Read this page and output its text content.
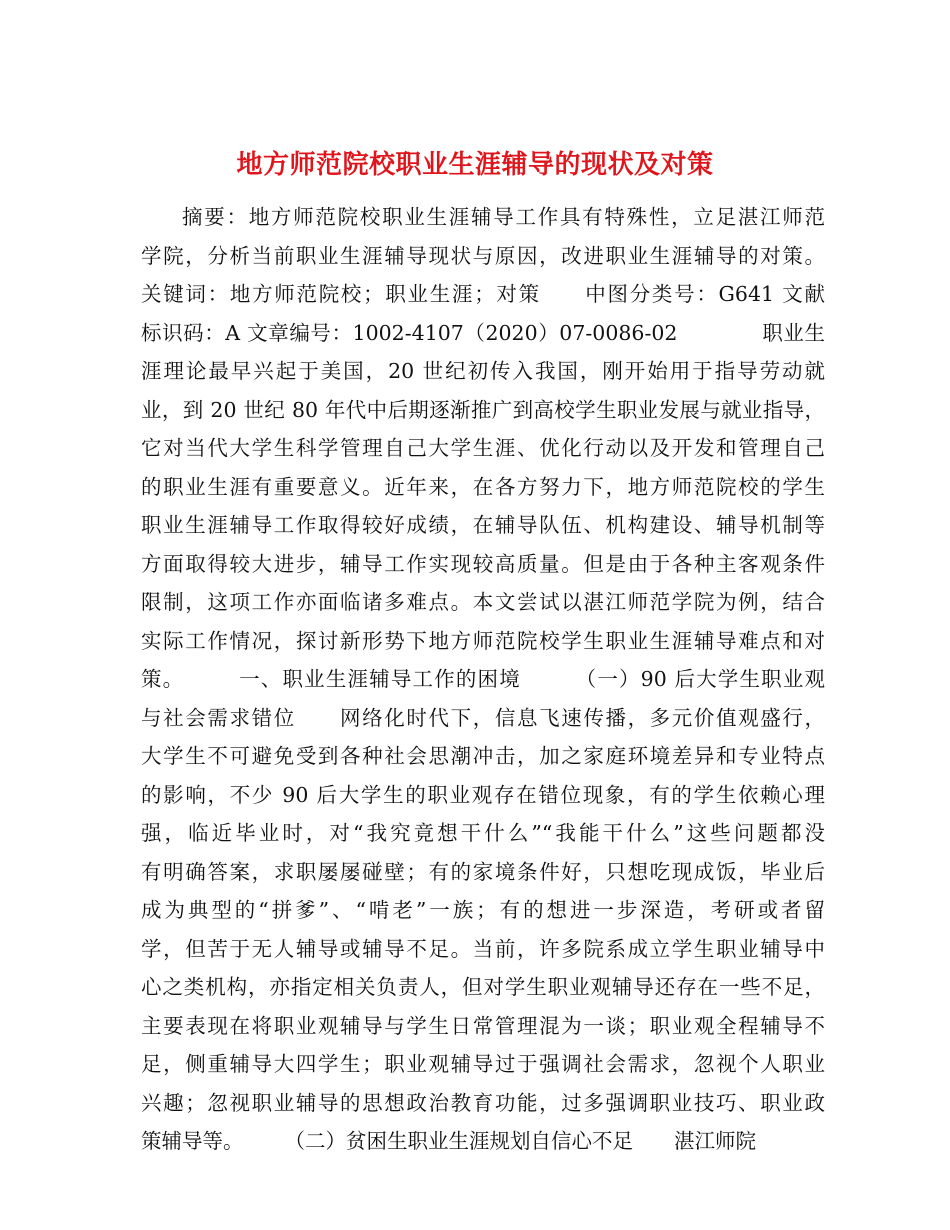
地方师范院校职业生涯辅导的现状及对策
摘要：地方师范院校职业生涯辅导工作具有特殊性，立足湛江师范
学院，分析当前职业生涯辅导现状与原因，改进职业生涯辅导的对策。
关键词：地方师范院校；职业生涯；对策　　中图分类号：G641 文献
标识码：A 文章编号：1002-4107（2020）07-0086-02　　　　职业生
涯理论最早兴起于美国，20 世纪初传入我国，刚开始用于指导劳动就
业，到 20 世纪 80 年代中后期逐渐推广到高校学生职业发展与就业指导，
它对当代大学生科学管理自己大学生涯、优化行动以及开发和管理自己
的职业生涯有重要意义。近年来，在各方努力下，地方师范院校的学生
职业生涯辅导工作取得较好成绩，在辅导队伍、机构建设、辅导机制等
方面取得较大进步，辅导工作实现较高质量。但是由于各种主客观条件
限制，这项工作亦面临诸多难点。本文尝试以湛江师范学院为例，结合
实际工作情况，探讨新形势下地方师范院校学生职业生涯辅导难点和对
策。　　　一、职业生涯辅导工作的困境　　　（一）90 后大学生职业观
与社会需求错位　　网络化时代下，信息飞速传播，多元价值观盛行，
大学生不可避免受到各种社会思潮冲击，加之家庭环境差异和专业特点
的影响，不少 90 后大学生的职业观存在错位现象，有的学生依赖心理
强，临近毕业时，对“我究竟想干什么”“我能干什么”这些问题都没
有明确答案，求职屡屡碰壁；有的家境条件好，只想吃现成饭，毕业后
成为典型的“拼爹”、“啃老”一族；有的想进一步深造，考研或者留
学，但苦于无人辅导或辅导不足。当前，许多院系成立学生职业辅导中
心之类机构，亦指定相关负责人，但对学生职业观辅导还存在一些不足，
主要表现在将职业观辅导与学生日常管理混为一谈；职业观全程辅导不
足，侧重辅导大四学生；职业观辅导过于强调社会需求，忽视个人职业
兴趣；忽视职业辅导的思想政治教育功能，过多强调职业技巧、职业政
策辅导等。　　　（二）贫困生职业生涯规划自信心不足　　湛江师院
